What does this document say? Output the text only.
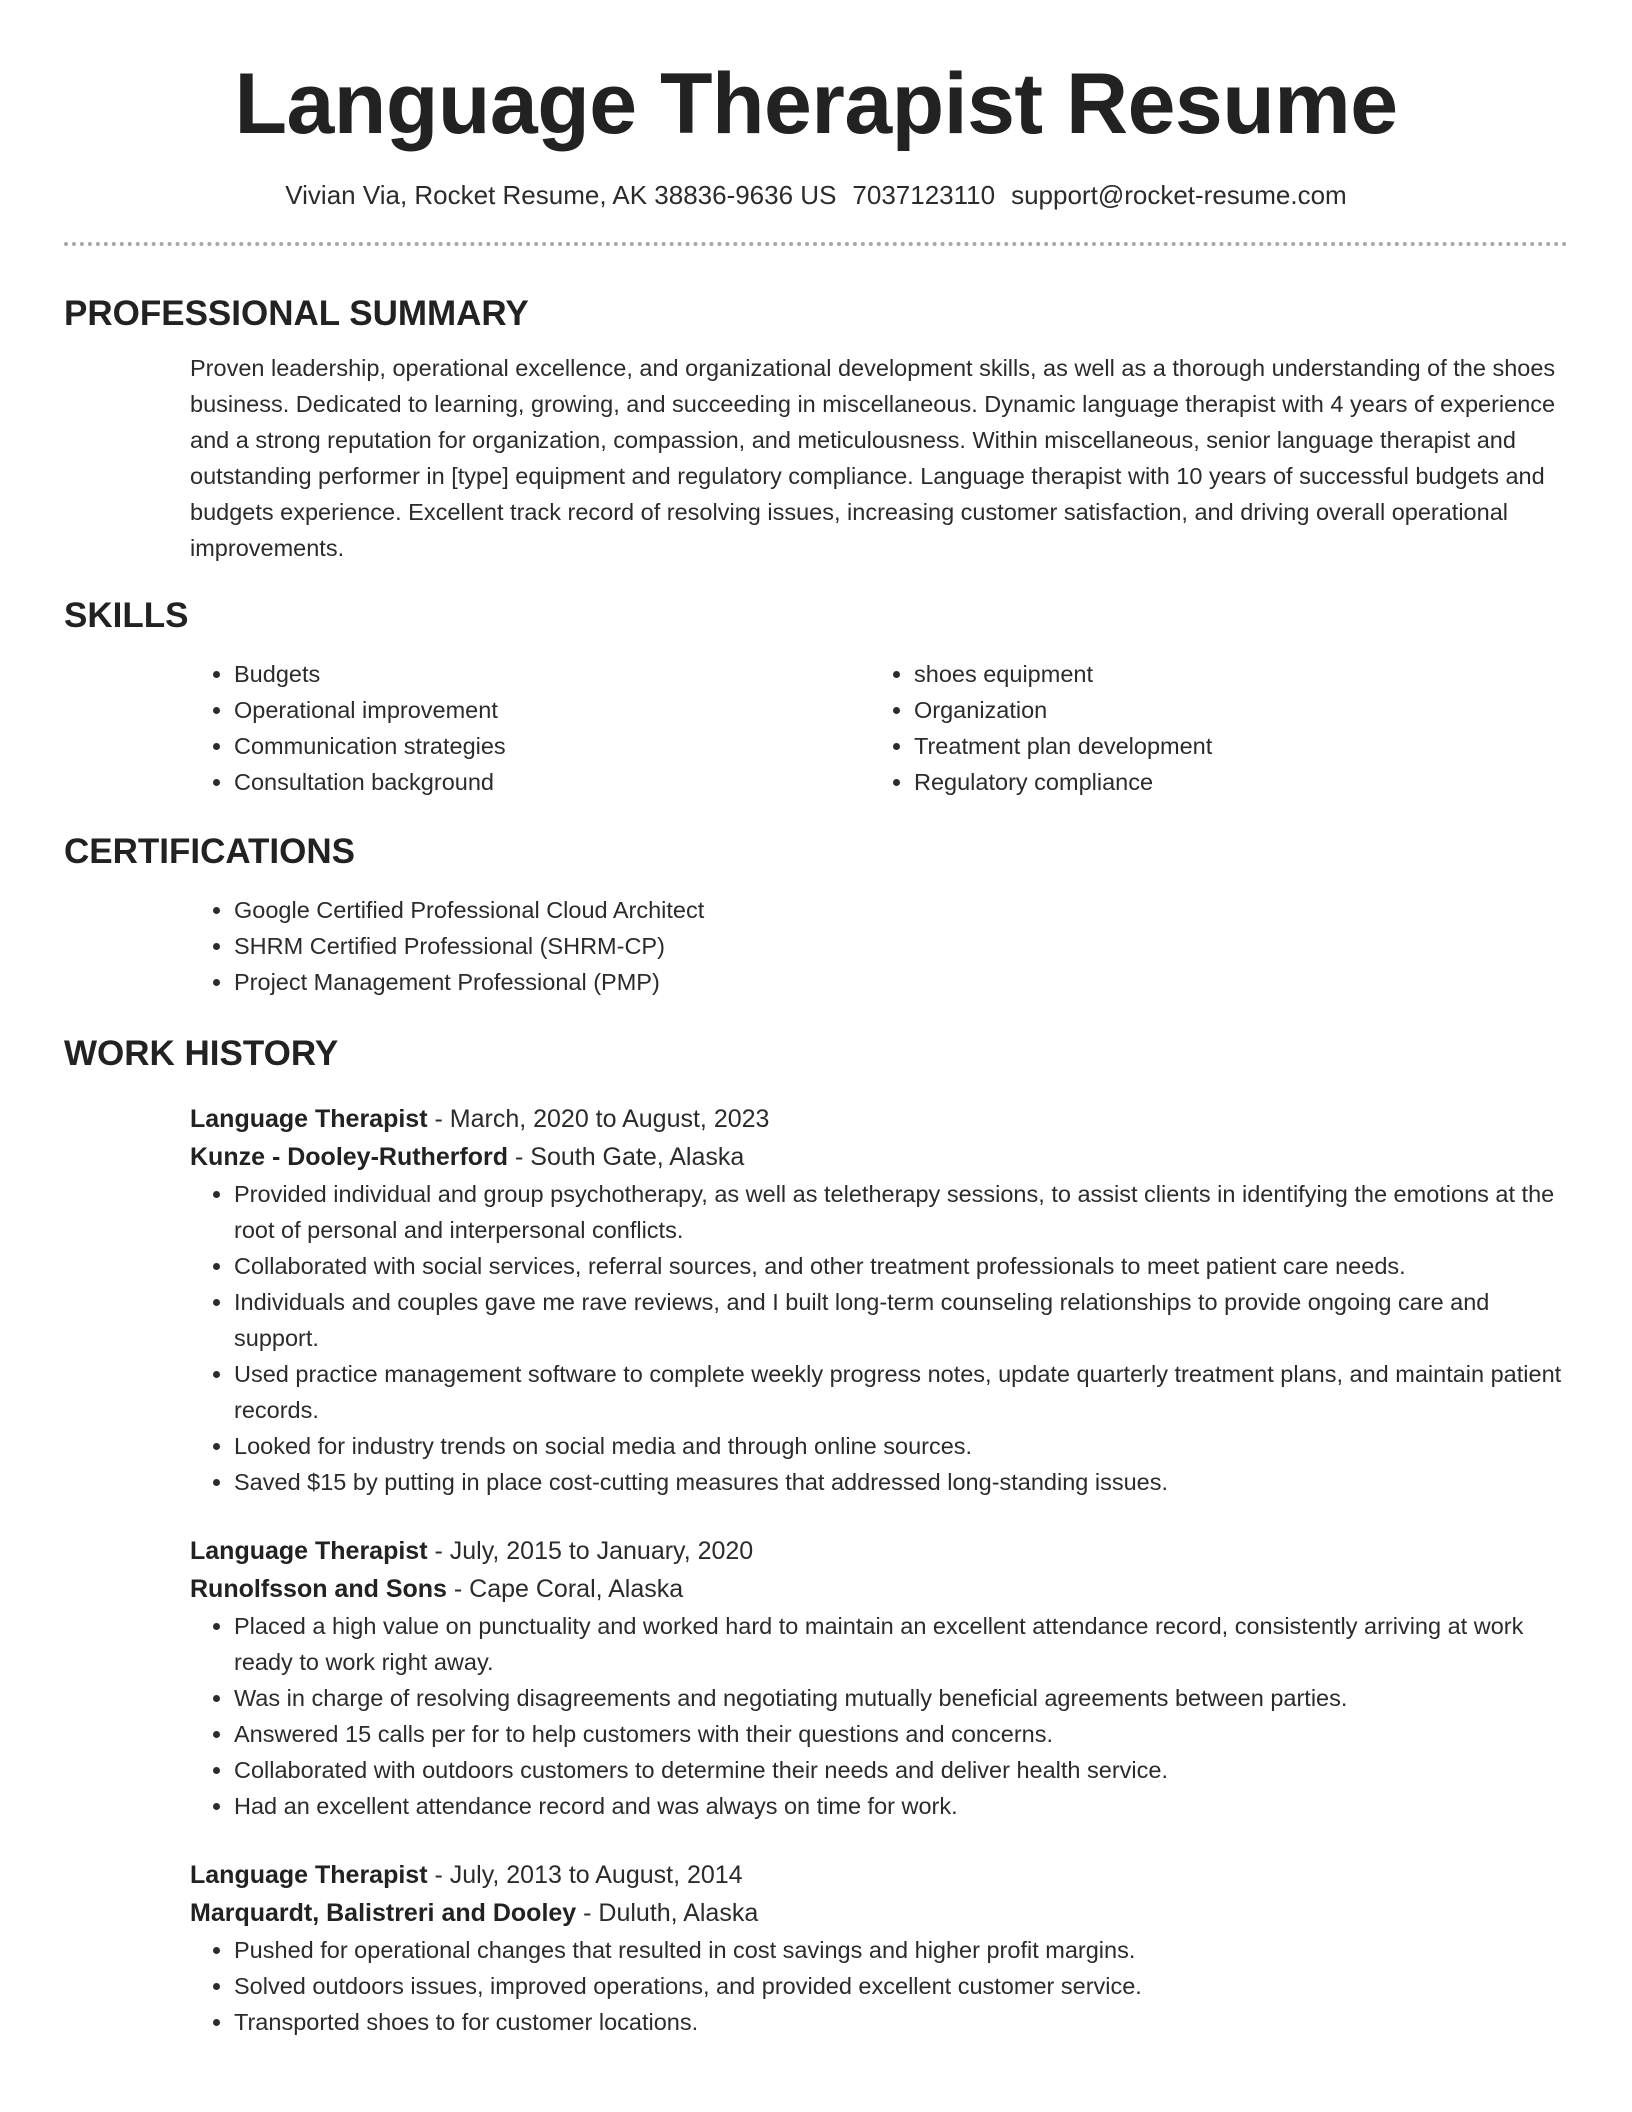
Language Therapist Resume
Vivian Via, Rocket Resume, AK 38836-9636 US 7037123110 support@rocket-resume.com
PROFESSIONAL SUMMARY

Proven leadership, operational excellence, and organizational development skills, as well as a thorough understanding of the shoes business. Dedicated to learning, growing, and succeeding in miscellaneous. Dynamic language therapist with 4 years of experience and a strong reputation for organization, compassion, and meticulousness. Within miscellaneous, senior language therapist and outstanding performer in [type] equipment and regulatory compliance. Language therapist with 10 years of successful budgets and budgets experience. Excellent track record of resolving issues, increasing customer satisfaction, and driving overall operational improvements.

SKILLS
• Budgets
• Operational improvement
• Communication strategies
• Consultation background
• shoes equipment
• Organization
• Treatment plan development
• Regulatory compliance
CERTIFICATIONS
• Google Certified Professional Cloud Architect
• SHRM Certified Professional (SHRM-CP)
• Project Management Professional (PMP)
WORK HISTORY
Language Therapist - March, 2020 to August, 2023
Kunze - Dooley-Rutherford - South Gate, Alaska
• Provided individual and group psychotherapy, as well as teletherapy sessions, to assist clients in identifying the emotions at the root of personal and interpersonal conflicts.
• Collaborated with social services, referral sources, and other treatment professionals to meet patient care needs.
• Individuals and couples gave me rave reviews, and I built long-term counseling relationships to provide ongoing care and support.
• Used practice management software to complete weekly progress notes, update quarterly treatment plans, and maintain patient records.
• Looked for industry trends on social media and through online sources.
• Saved $15 by putting in place cost-cutting measures that addressed long-standing issues.
Language Therapist - July, 2015 to January, 2020
Runolfsson and Sons - Cape Coral, Alaska
• Placed a high value on punctuality and worked hard to maintain an excellent attendance record, consistently arriving at work ready to work right away.
• Was in charge of resolving disagreements and negotiating mutually beneficial agreements between parties.
• Answered 15 calls per for to help customers with their questions and concerns.
• Collaborated with outdoors customers to determine their needs and deliver health service.
• Had an excellent attendance record and was always on time for work.
Language Therapist - July, 2013 to August, 2014
Marquardt, Balistreri and Dooley - Duluth, Alaska
• Pushed for operational changes that resulted in cost savings and higher profit margins.
• Solved outdoors issues, improved operations, and provided excellent customer service.
• Transported shoes to for customer locations.
